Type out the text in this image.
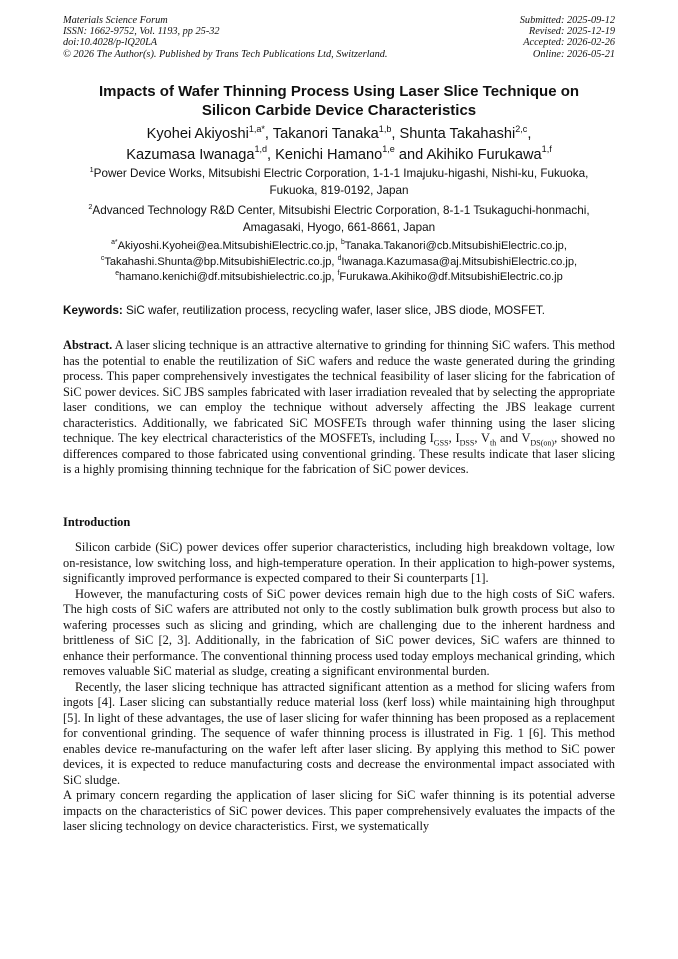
Materials Science Forum	Submitted: 2025-09-12
ISSN: 1662-9752, Vol. 1193, pp 25-32	Revised: 2025-12-19
doi:10.4028/p-lQ20LA	Accepted: 2026-02-26
© 2026 The Author(s). Published by Trans Tech Publications Ltd, Switzerland.	Online: 2026-05-21
Impacts of Wafer Thinning Process Using Laser Slice Technique on
Silicon Carbide Device Characteristics
Kyohei Akiyoshi$^{1,a*}$, Takanori Tanaka$^{1,b}$, Shunta Takahashi$^{2,c}$,
Kazumasa Iwanaga$^{1,d}$, Kenichi Hamano$^{1,e}$ and Akihiko Furukawa$^{1,f}$
$^1$Power Device Works, Mitsubishi Electric Corporation, 1-1-1 Imajuku-higashi, Nishi-ku, Fukuoka,
Fukuoka, 819-0192, Japan
$^2$Advanced Technology R&D Center, Mitsubishi Electric Corporation, 8-1-1 Tsukaguchi-honmachi,
Amagasaki, Hyogo, 661-8661, Japan
$^{a*}$Akiyoshi.Kyohei@ea.MitsubishiElectric.co.jp, $^b$Tanaka.Takanori@cb.MitsubishiElectric.co.jp,
$^c$Takahashi.Shunta@bp.MitsubishiElectric.co.jp, $^d$Iwanaga.Kazumasa@aj.MitsubishiElectric.co.jp,
$^e$hamano.kenichi@df.mitsubishielectric.co.jp, $^f$Furukawa.Akihiko@df.MitsubishiElectric.co.jp
Keywords: SiC wafer, reutilization process, recycling wafer, laser slice, JBS diode, MOSFET.
Abstract. A laser slicing technique is an attractive alternative to grinding for thinning SiC wafers. This method has the potential to enable the reutilization of SiC wafers and reduce the waste generated during the grinding process. This paper comprehensively investigates the technical feasibility of laser slicing for the fabrication of SiC power devices. SiC JBS samples fabricated with laser irradiation revealed that by selecting the appropriate laser conditions, we can employ the technique without adversely affecting the JBS leakage current characteristics. Additionally, we fabricated SiC MOSFETs through wafer thinning using the laser slicing technique. The key electrical characteristics of the MOSFETs, including $I_{GSS}$, $I_{DSS}$, $V_{th}$ and $V_{DS(on)}$, showed no differences compared to those fabricated using conventional grinding. These results indicate that laser slicing is a highly promising thinning technique for the fabrication of SiC power devices.
Introduction

Silicon carbide (SiC) power devices offer superior characteristics, including high breakdown voltage, low on-resistance, low switching loss, and high-temperature operation. In their application to high-power systems, significantly improved performance is expected compared to their Si counterparts [1].

However, the manufacturing costs of SiC power devices remain high due to the high costs of SiC wafers. The high costs of SiC wafers are attributed not only to the costly sublimation bulk growth process but also to wafering processes such as slicing and grinding, which are challenging due to the inherent hardness and brittleness of SiC [2, 3]. Additionally, in the fabrication of SiC power devices, SiC wafers are thinned to enhance their performance. The conventional thinning process used today employs mechanical grinding, which removes valuable SiC material as sludge, creating a significant environmental burden.

Recently, the laser slicing technique has attracted significant attention as a method for slicing wafers from ingots [4]. Laser slicing can substantially reduce material loss (kerf loss) while maintaining high throughput [5]. In light of these advantages, the use of laser slicing for wafer thinning has been proposed as a replacement for conventional grinding. The sequence of wafer thinning process is illustrated in Fig. 1 [6]. This method enables device re-manufacturing on the wafer left after laser slicing. By applying this method to SiC power devices, it is expected to reduce manufacturing costs and decrease the environmental impact associated with SiC sludge.

A primary concern regarding the application of laser slicing for SiC wafer thinning is its potential adverse impacts on the characteristics of SiC power devices. This paper comprehensively evaluates the impacts of the laser slicing technology on device characteristics. First, we systematically
